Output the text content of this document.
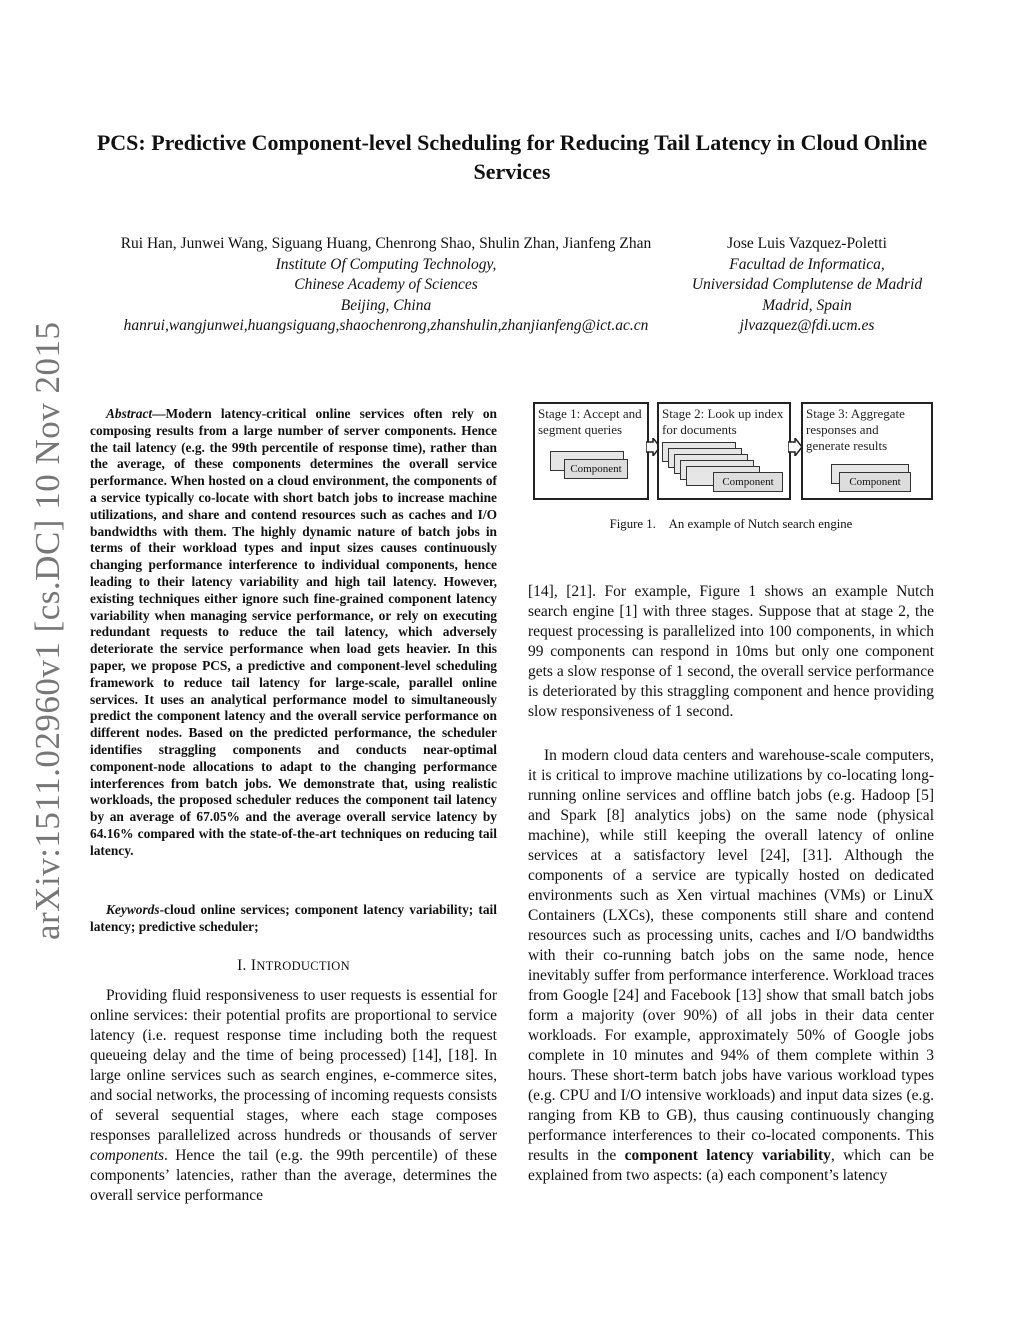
arXiv:1511.02960v1 [cs.DC] 10 Nov 2015
PCS: Predictive Component-level Scheduling for Reducing Tail Latency in Cloud Online Services
Rui Han, Junwei Wang, Siguang Huang, Chenrong Shao, Shulin Zhan, Jianfeng Zhan
Institute Of Computing Technology,
Chinese Academy of Sciences
Beijing, China
hanrui,wangjunwei,huangsiguang,shaochenrong,zhanshulin,zhanjianfeng@ict.ac.cn
Jose Luis Vazquez-Poletti
Facultad de Informatica,
Universidad Complutense de Madrid
Madrid, Spain
jlvazquez@fdi.ucm.es
Abstract—Modern latency-critical online services often rely on composing results from a large number of server components. Hence the tail latency (e.g. the 99th percentile of response time), rather than the average, of these components determines the overall service performance. When hosted on a cloud environment, the components of a service typically co-locate with short batch jobs to increase machine utilizations, and share and contend resources such as caches and I/O bandwidths with them. The highly dynamic nature of batch jobs in terms of their workload types and input sizes causes continuously changing performance interference to individual components, hence leading to their latency variability and high tail latency. However, existing techniques either ignore such fine-grained component latency variability when managing service performance, or rely on executing redundant requests to reduce the tail latency, which adversely deteriorate the service performance when load gets heavier. In this paper, we propose PCS, a predictive and component-level scheduling framework to reduce tail latency for large-scale, parallel online services. It uses an analytical performance model to simultaneously predict the component latency and the overall service performance on different nodes. Based on the predicted performance, the scheduler identifies straggling components and conducts near-optimal component-node allocations to adapt to the changing performance interferences from batch jobs. We demonstrate that, using realistic workloads, the proposed scheduler reduces the component tail latency by an average of 67.05% and the average overall service latency by 64.16% compared with the state-of-the-art techniques on reducing tail latency.
Keywords-cloud online services; component latency variability; tail latency; predictive scheduler;
I. INTRODUCTION
Providing fluid responsiveness to user requests is essential for online services: their potential profits are proportional to service latency (i.e. request response time including both the request queueing delay and the time of being processed) [14], [18]. In large online services such as search engines, e-commerce sites, and social networks, the processing of incoming requests consists of several sequential stages, where each stage composes responses parallelized across hundreds or thousands of server components. Hence the tail (e.g. the 99th percentile) of these components’ latencies, rather than the average, determines the overall service performance
Stage 1: Accept and segment queries
Component
Stage 2: Look up index for documents
Component
Stage 3: Aggregate responses and generate results
Component
Figure 1. An example of Nutch search engine
[14], [21]. For example, Figure 1 shows an example Nutch search engine [1] with three stages. Suppose that at stage 2, the request processing is parallelized into 100 components, in which 99 components can respond in 10ms but only one component gets a slow response of 1 second, the overall service performance is deteriorated by this straggling component and hence providing slow responsiveness of 1 second.
In modern cloud data centers and warehouse-scale computers, it is critical to improve machine utilizations by co-locating long-running online services and offline batch jobs (e.g. Hadoop [5] and Spark [8] analytics jobs) on the same node (physical machine), while still keeping the overall latency of online services at a satisfactory level [24], [31]. Although the components of a service are typically hosted on dedicated environments such as Xen virtual machines (VMs) or LinuX Containers (LXCs), these components still share and contend resources such as processing units, caches and I/O bandwidths with their co-running batch jobs on the same node, hence inevitably suffer from performance interference. Workload traces from Google [24] and Facebook [13] show that small batch jobs form a majority (over 90%) of all jobs in their data center workloads. For example, approximately 50% of Google jobs complete in 10 minutes and 94% of them complete within 3 hours. These short-term batch jobs have various workload types (e.g. CPU and I/O intensive workloads) and input data sizes (e.g. ranging from KB to GB), thus causing continuously changing performance interferences to their co-located components. This results in the component latency variability, which can be explained from two aspects: (a) each component’s latency
